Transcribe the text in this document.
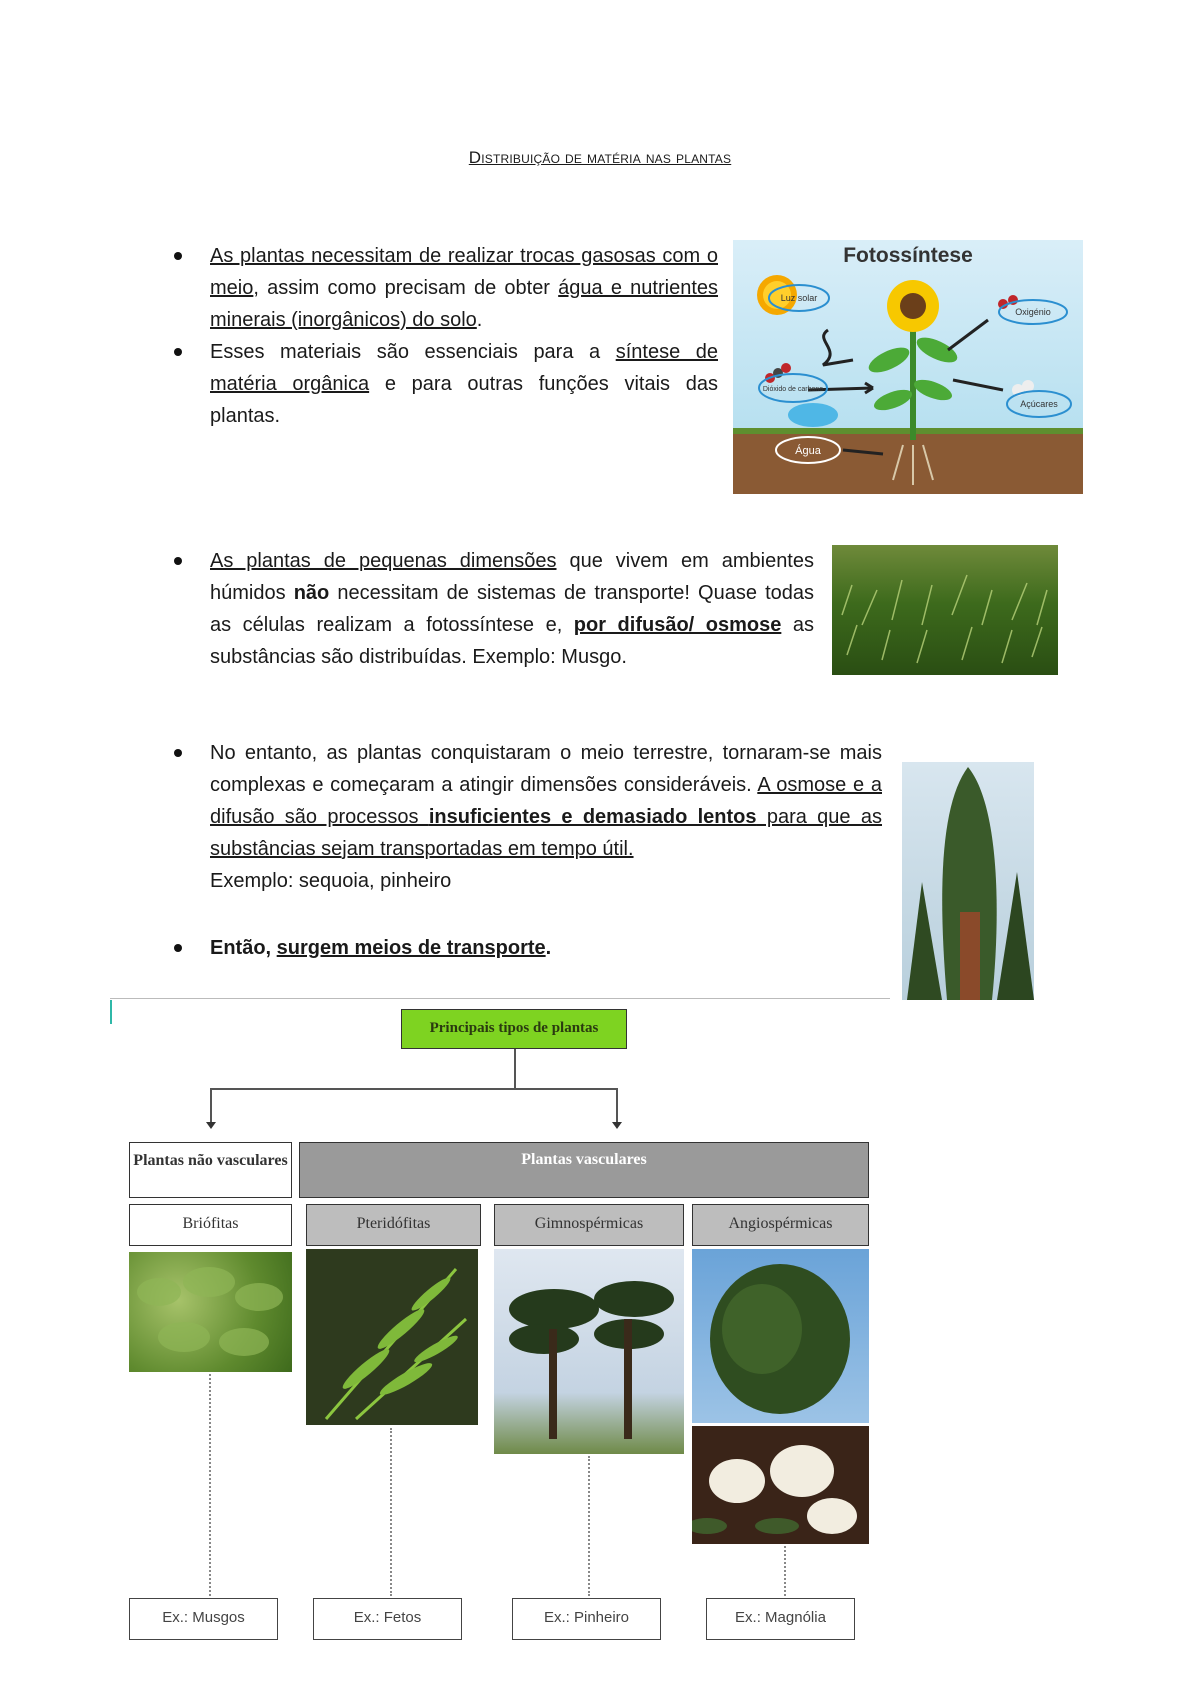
Distribuição de matéria nas plantas
As plantas necessitam de realizar trocas gasosas com o meio, assim como precisam de obter água e nutrientes minerais (inorgânicos) do solo.
Esses materiais são essenciais para a síntese de matéria orgânica e para outras funções vitais das plantas.
Fotossíntese
Luz solar
Dióxido de carbono
Água
Oxigénio
Açúcares
As plantas de pequenas dimensões que vivem em ambientes húmidos não necessitam de sistemas de transporte! Quase todas as células realizam a fotossíntese e, por difusão/ osmose as substâncias são distribuídas. Exemplo: Musgo.
No entanto, as plantas conquistaram o meio terrestre, tornaram-se mais complexas e começaram a atingir dimensões consideráveis. A osmose e a difusão são processos insuficientes e demasiado lentos para que as substâncias sejam transportadas em tempo útil.
Exemplo: sequoia, pinheiro
Então, surgem meios de transporte.
Principais tipos de plantas
Plantas não vasculares	Plantas vasculares
Briófitas	Pteridófitas	Gimnospérmicas	Angiospérmicas
Ex.: Musgos	Ex.: Fetos	Ex.: Pinheiro	Ex.: Magnólia
